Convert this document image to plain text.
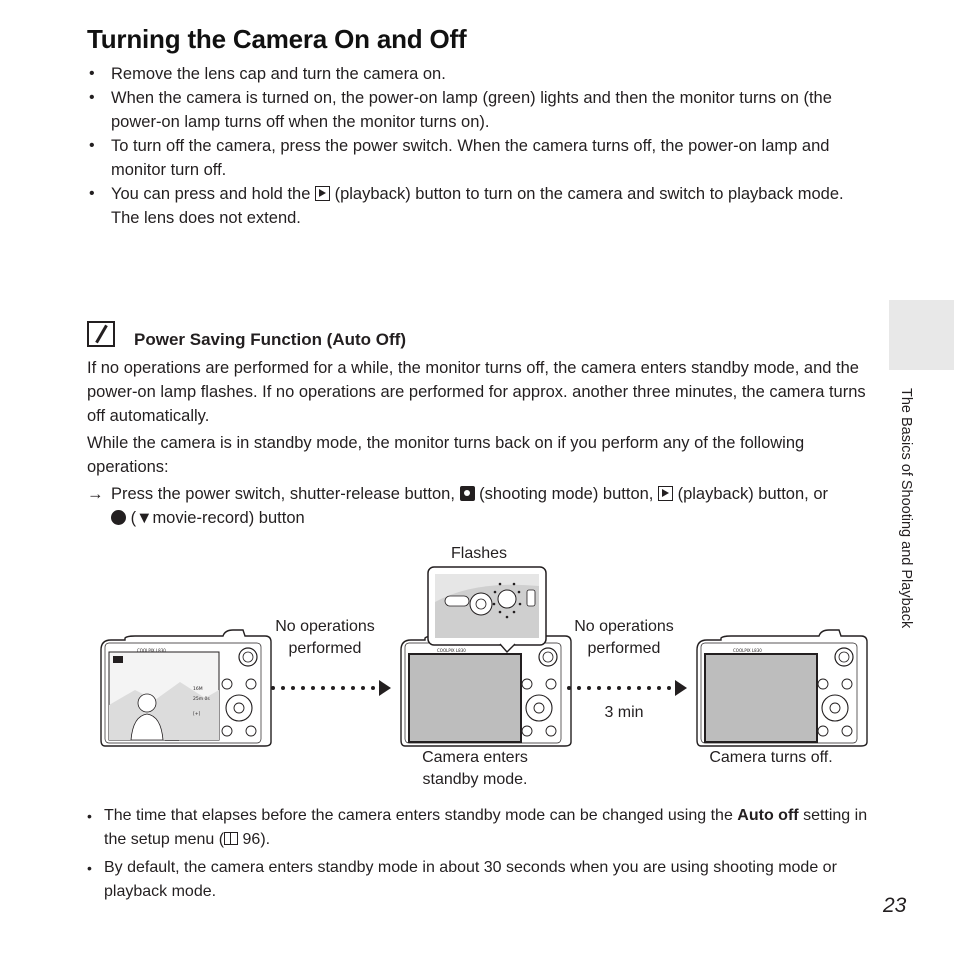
Turning the Camera On and Off
• Remove the lens cap and turn the camera on.
• When the camera is turned on, the power-on lamp (green) lights and then the monitor turns on (the power-on lamp turns off when the monitor turns on).
• To turn off the camera, press the power switch. When the camera turns off, the power-on lamp and monitor turn off.
• You can press and hold the (playback) button to turn on the camera and switch to playback mode. The lens does not extend.
The Basics of Shooting and Playback
Power Saving Function (Auto Off)

If no operations are performed for a while, the monitor turns off, the camera enters standby mode, and the power-on lamp flashes. If no operations are performed for approx. another three minutes, the camera turns off automatically.

While the camera is in standby mode, the monitor turns back on if you perform any of the following operations:

→ Press the power switch, shutter-release button, (shooting mode) button, (playback) button, or  (▼movie-record) button
16M
25m 0s
[+]
Flashes
No operations
performed
No operations
performed
3 min
Camera enters
standby mode.
Camera turns off.
• The time that elapses before the camera enters standby mode can be changed using the Auto off setting in the setup menu ( 96).
• By default, the camera enters standby mode in about 30 seconds when you are using shooting mode or playback mode.
23
